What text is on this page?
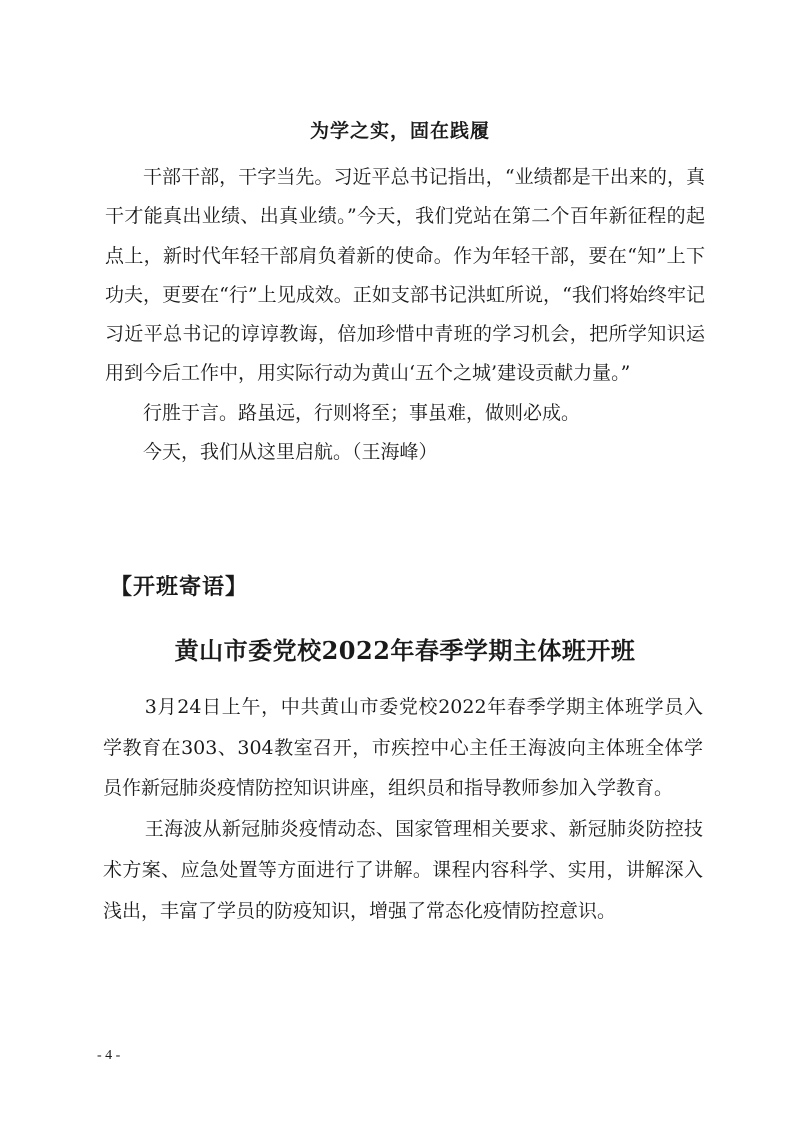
为学之实，固在践履

干部干部，干字当先。习近平总书记指出，“业绩都是干出来的，真干才能真出业绩、出真业绩。”今天，我们党站在第二个百年新征程的起点上，新时代年轻干部肩负着新的使命。作为年轻干部，要在“知”上下功夫，更要在“行”上见成效。正如支部书记洪虹所说，“我们将始终牢记习近平总书记的谆谆教诲，倍加珍惜中青班的学习机会，把所学知识运用到今后工作中，用实际行动为黄山‘五个之城’建设贡献力量。”

行胜于言。路虽远，行则将至；事虽难，做则必成。

今天，我们从这里启航。（王海峰）

【开班寄语】
黄山市委党校2022年春季学期主体班开班

3月24日上午，中共黄山市委党校2022年春季学期主体班学员入学教育在303、304教室召开，市疾控中心主任王海波向主体班全体学员作新冠肺炎疫情防控知识讲座，组织员和指导教师参加入学教育。

王海波从新冠肺炎疫情动态、国家管理相关要求、新冠肺炎防控技术方案、应急处置等方面进行了讲解。课程内容科学、实用，讲解深入浅出，丰富了学员的防疫知识，增强了常态化疫情防控意识。

- 4 -
